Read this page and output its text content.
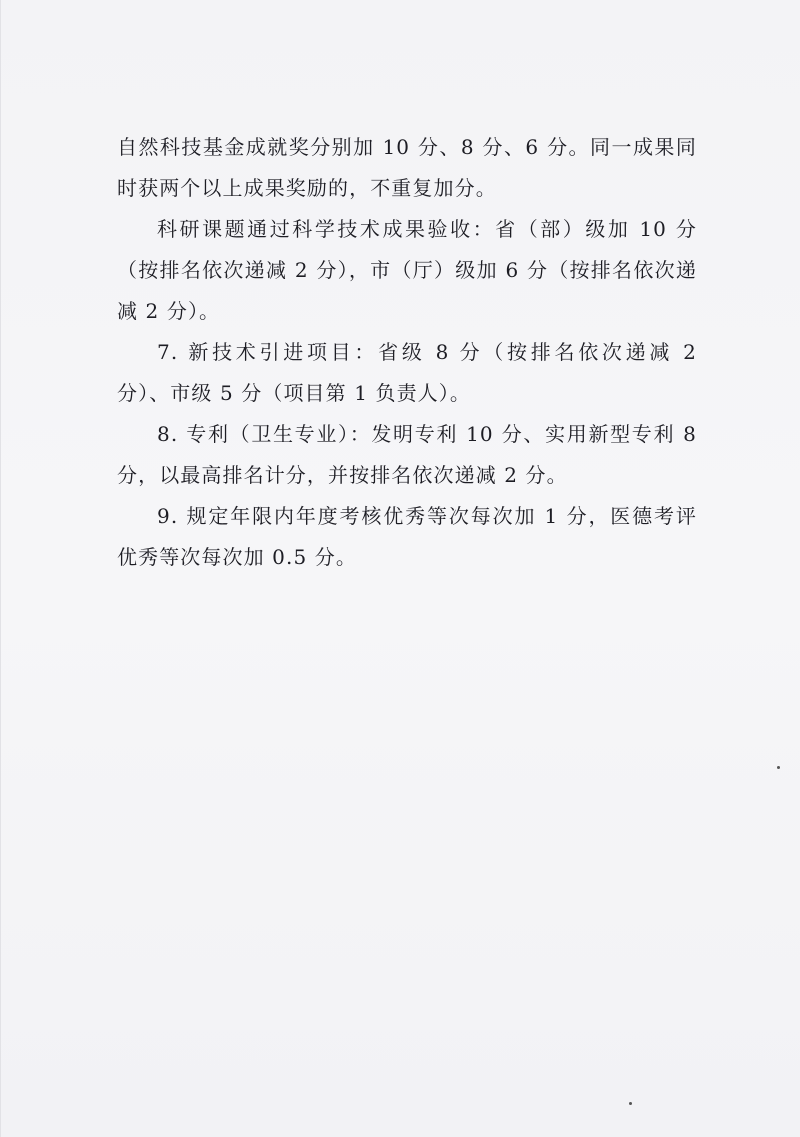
自然科技基金成就奖分别加 10 分、8 分、6 分。同一成果同时获两个以上成果奖励的，不重复加分。

科研课题通过科学技术成果验收：省（部）级加 10 分（按排名依次递减 2 分），市（厅）级加 6 分（按排名依次递减 2 分）。

7. 新技术引进项目：省级 8 分（按排名依次递减 2 分）、市级 5 分（项目第 1 负责人）。

8. 专利（卫生专业）：发明专利 10 分、实用新型专利 8 分，以最高排名计分，并按排名依次递减 2 分。

9. 规定年限内年度考核优秀等次每次加 1 分，医德考评优秀等次每次加 0.5 分。
